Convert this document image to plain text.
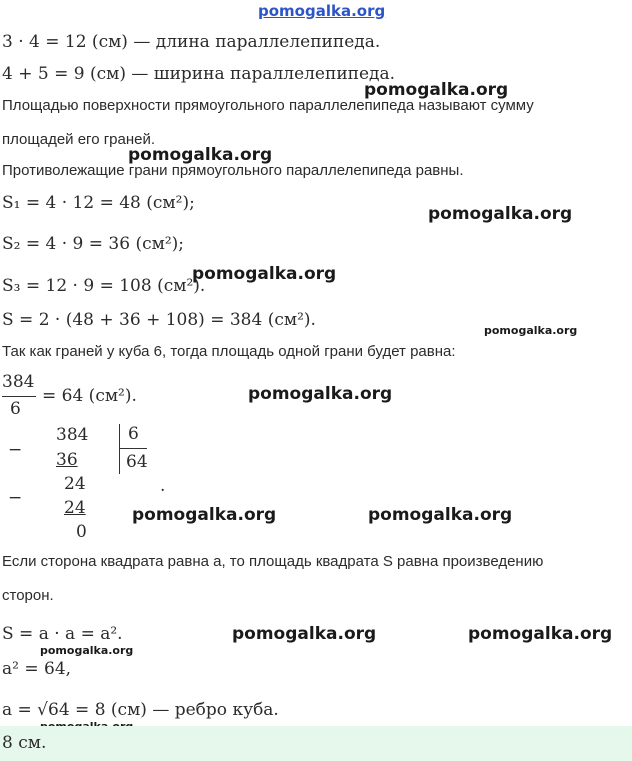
pomogalka.org
pomogalka.org
pomogalka.org
pomogalka.org
pomogalka.org
pomogalka.org
pomogalka.org
pomogalka.org	pomogalka.org
pomogalka.org	pomogalka.org
pomogalka.org
3 · 4 = 12 (см) — длина параллелепипеда.
4 + 5 = 9 (см) — ширина параллелепипеда.
Площадью поверхности прямоугольного параллелепипеда называют сумму
площадей его граней.
Противолежащие грани прямоугольного параллелепипеда равны.
S₁ = 4 · 12 = 48 (см²);
S₂ = 4 · 9 = 36 (см²);
S₃ = 12 · 9 = 108 (см²).
S = 2 · (48 + 36 + 108) = 384 (см²).
Так как граней у куба 6, тогда площадь одной грани будет равна:
384
6
= 64 (см²).
−
384
36
6
64
−
24
24
0
.
Если сторона квадрата равна a, то площадь квадрата S равна произведению
сторон.
S = a · a = a².
a² = 64,
a = √64 = 8 (см) — ребро куба.
8 см.
